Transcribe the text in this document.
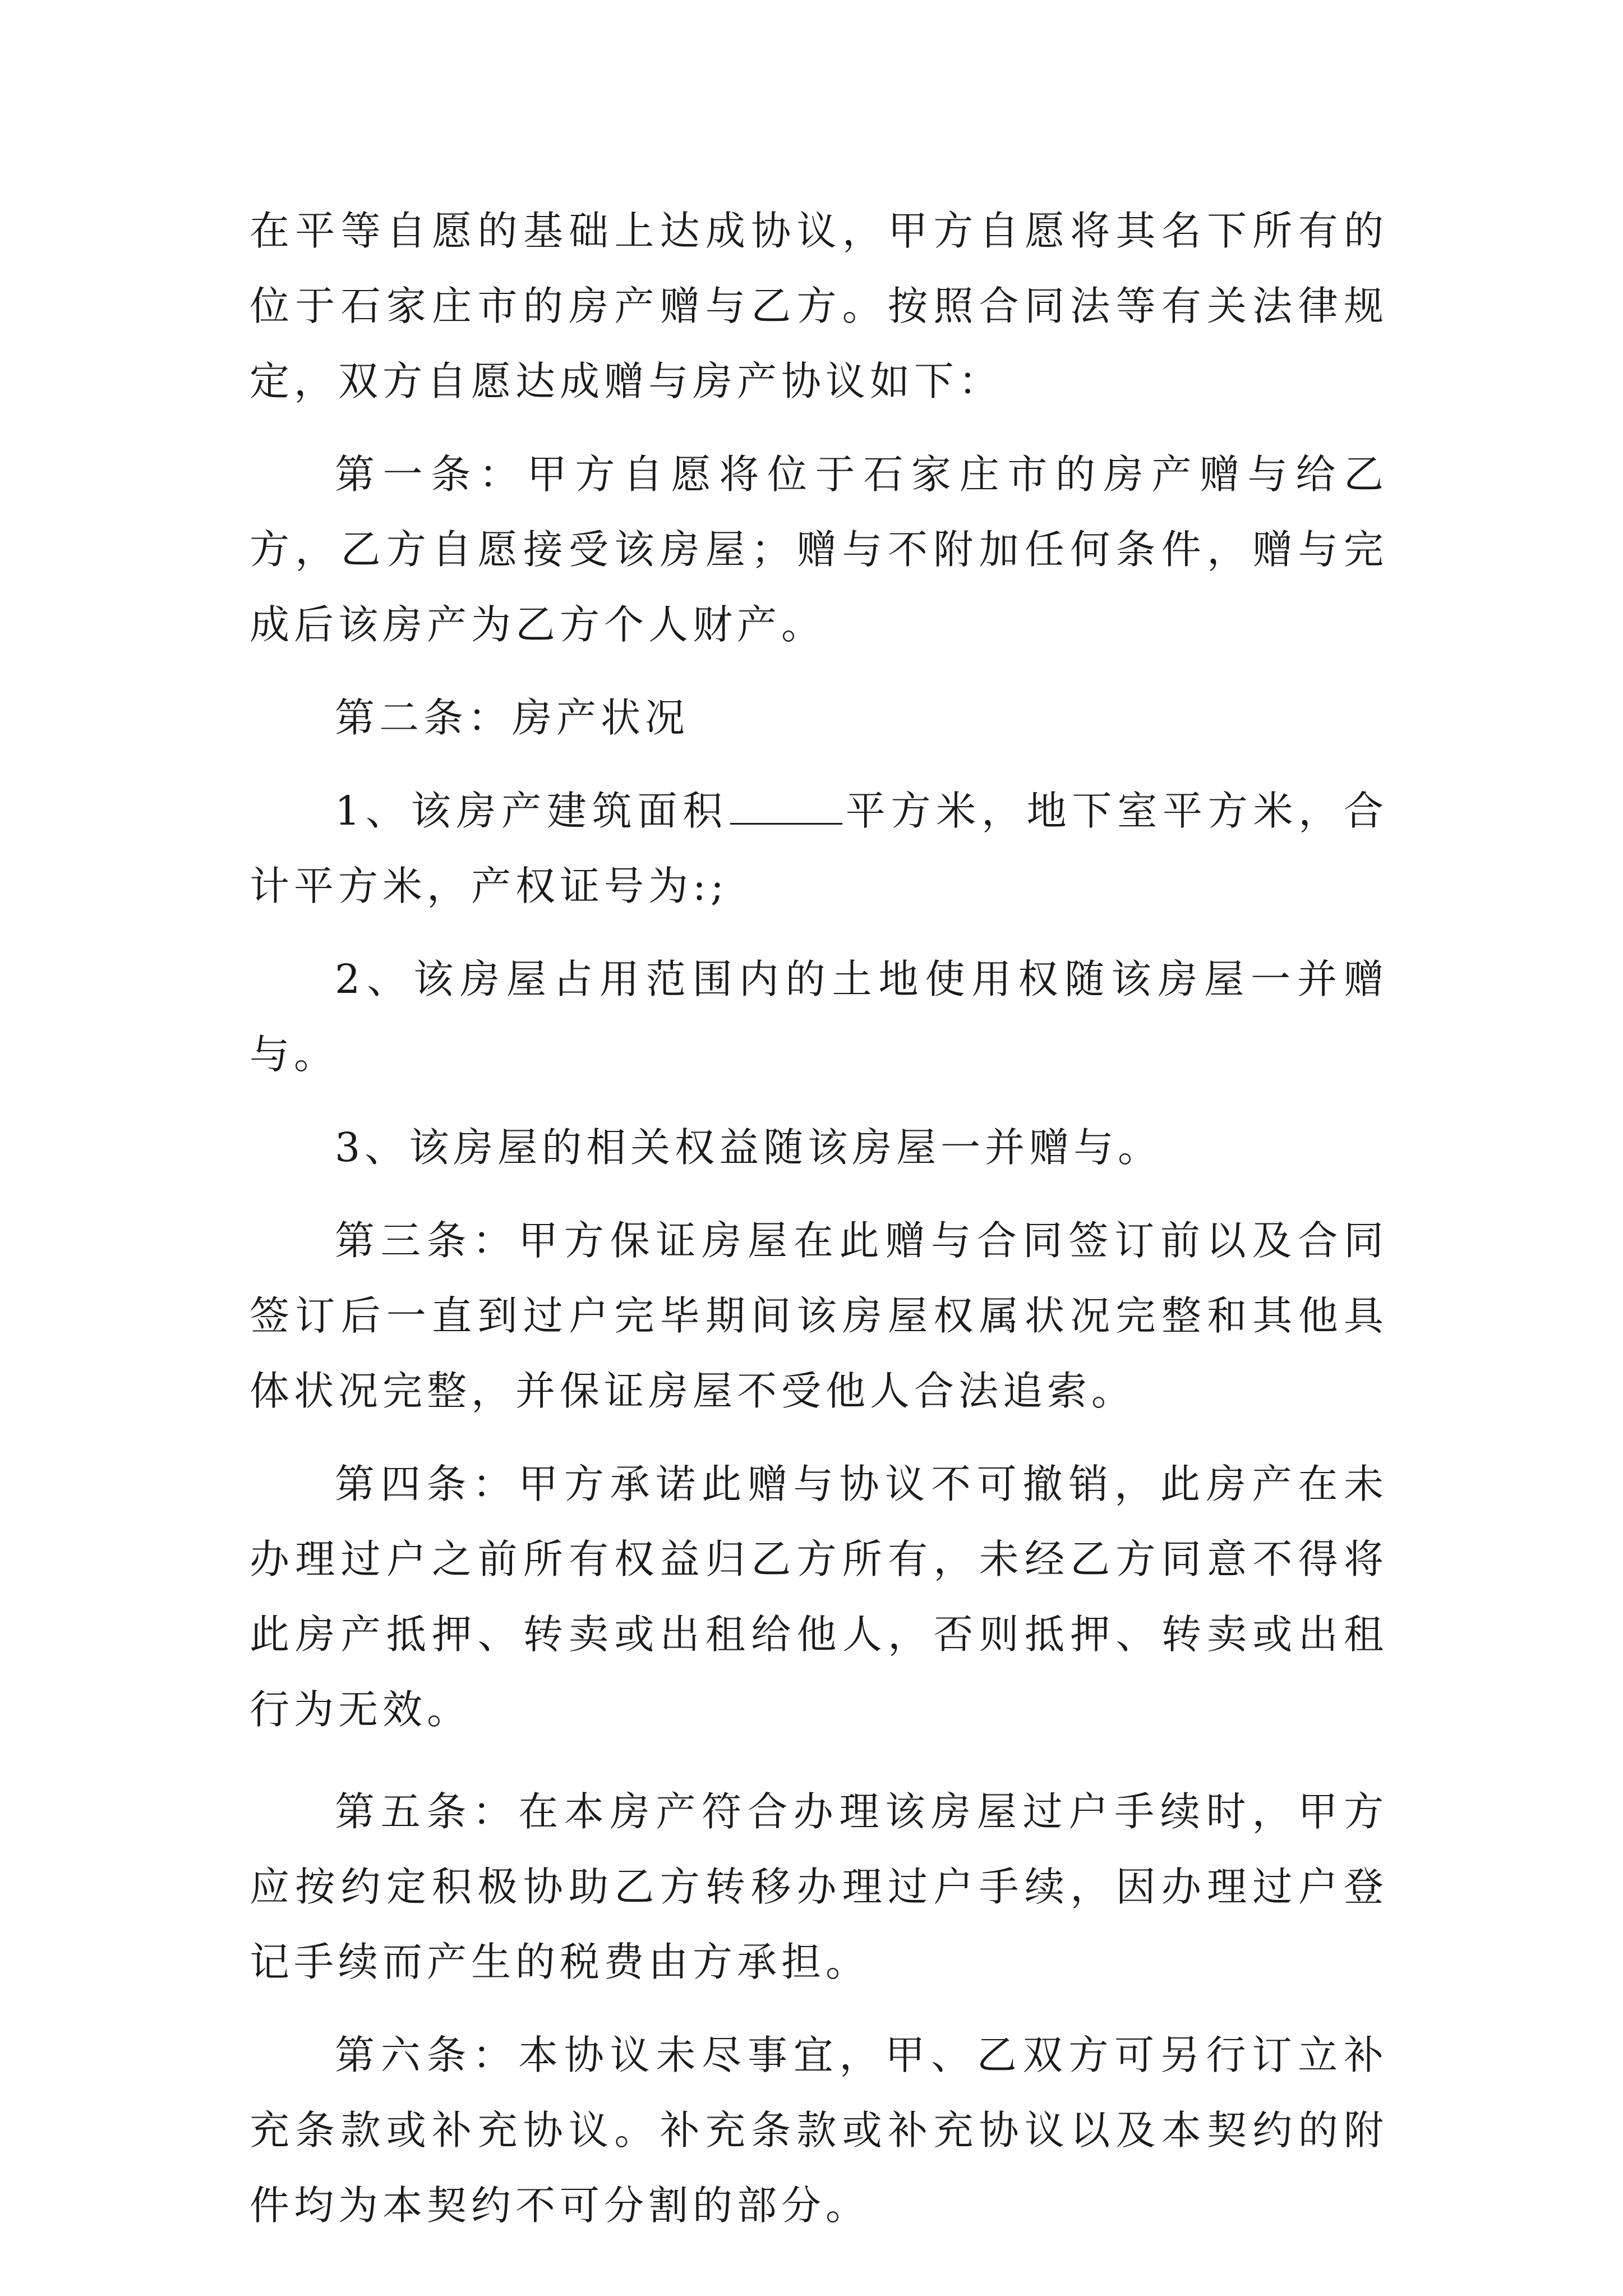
在平等自愿的基础上达成协议，甲方自愿将其名下所有的位于石家庄市的房产赠与乙方。按照合同法等有关法律规定，双方自愿达成赠与房产协议如下：

第一条：甲方自愿将位于石家庄市的房产赠与给乙方，乙方自愿接受该房屋；赠与不附加任何条件，赠与完成后该房产为乙方个人财产。

第二条：房产状况

1、该房产建筑面积	平方米，地下室平方米，合计平方米，产权证号为:;

2、该房屋占用范围内的土地使用权随该房屋一并赠与。

3、该房屋的相关权益随该房屋一并赠与。

第三条：甲方保证房屋在此赠与合同签订前以及合同签订后一直到过户完毕期间该房屋权属状况完整和其他具体状况完整，并保证房屋不受他人合法追索。

第四条：甲方承诺此赠与协议不可撤销，此房产在未办理过户之前所有权益归乙方所有，未经乙方同意不得将此房产抵押、转卖或出租给他人，否则抵押、转卖或出租行为无效。

第五条：在本房产符合办理该房屋过户手续时，甲方应按约定积极协助乙方转移办理过户手续，因办理过户登记手续而产生的税费由方承担。

第六条：本协议未尽事宜，甲、乙双方可另行订立补充条款或补充协议。补充条款或补充协议以及本契约的附件均为本契约不可分割的部分。
